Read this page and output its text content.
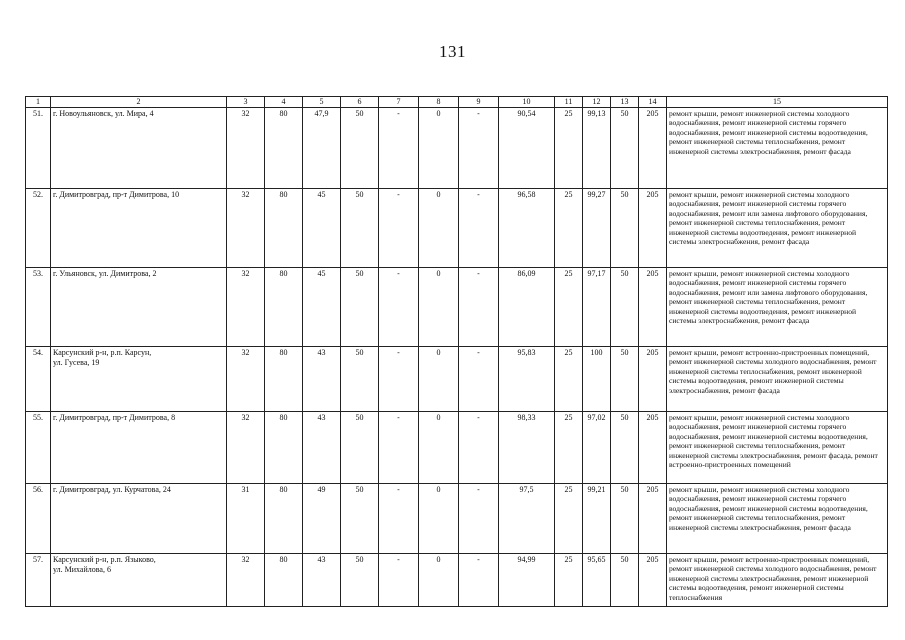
131
1	2	3	4	5	6	7	8	9	10	11	12	13	14	15
51.	г. Новоульяновск, ул. Мира, 4	32	80	47,9	50	-	0	-	90,54	25	99,13	50	205	ремонт крыши, ремонт инженерной системы холодного водоснабжения, ремонт инженерной системы горячего водоснабжения, ремонт инженерной системы водоотведения, ремонт инженерной системы теплоснабжения, ремонт инженерной системы электроснабжения, ремонт фасада
52.	г. Димитровград, пр-т Димитрова, 10	32	80	45	50	-	0	-	96,58	25	99,27	50	205	ремонт крыши, ремонт инженерной системы холодного водоснабжения, ремонт инженерной системы горячего водоснабжения, ремонт или замена лифтового оборудования, ремонт инженерной системы теплоснабжения, ремонт инженерной системы водоотведения, ремонт инженерной системы электроснабжения, ремонт фасада
53.	г. Ульяновск, ул. Димитрова, 2	32	80	45	50	-	0	-	86,09	25	97,17	50	205	ремонт крыши, ремонт инженерной системы холодного водоснабжения, ремонт инженерной системы горячего водоснабжения, ремонт или замена лифтового оборудования, ремонт инженерной системы теплоснабжения, ремонт инженерной системы водоотведения, ремонт инженерной системы электроснабжения, ремонт фасада
54.	Карсунский р-н, р.п. Карсун,
ул. Гусева, 19	32	80	43	50	-	0	-	95,83	25	100	50	205	ремонт крыши, ремонт встроенно-пристроенных помещений, ремонт инженерной системы холодного водоснабжения, ремонт инженерной системы теплоснабжения, ремонт инженерной системы водоотведения, ремонт инженерной системы электроснабжения, ремонт фасада
55.	г. Димитровград, пр-т Димитрова, 8	32	80	43	50	-	0	-	98,33	25	97,02	50	205	ремонт крыши, ремонт инженерной системы холодного водоснабжения, ремонт инженерной системы горячего водоснабжения, ремонт инженерной системы водоотведения, ремонт инженерной системы теплоснабжения, ремонт инженерной системы электроснабжения, ремонт фасада, ремонт встроенно-пристроенных помещений
56.	г. Димитровград, ул. Курчатова, 24	31	80	49	50	-	0	-	97,5	25	99,21	50	205	ремонт крыши, ремонт инженерной системы холодного водоснабжения, ремонт инженерной системы горячего водоснабжения, ремонт инженерной системы водоотведения, ремонт инженерной системы теплоснабжения, ремонт инженерной системы электроснабжения, ремонт фасада
57.	Карсунский р-н, р.п. Языково,
ул. Михайлова, 6	32	80	43	50	-	0	-	94,99	25	95,65	50	205	ремонт крыши, ремонт встроенно-пристроенных помещений, ремонт инженерной системы холодного водоснабжения, ремонт инженерной системы электроснабжения, ремонт инженерной системы водоотведения, ремонт инженерной системы теплоснабжения
